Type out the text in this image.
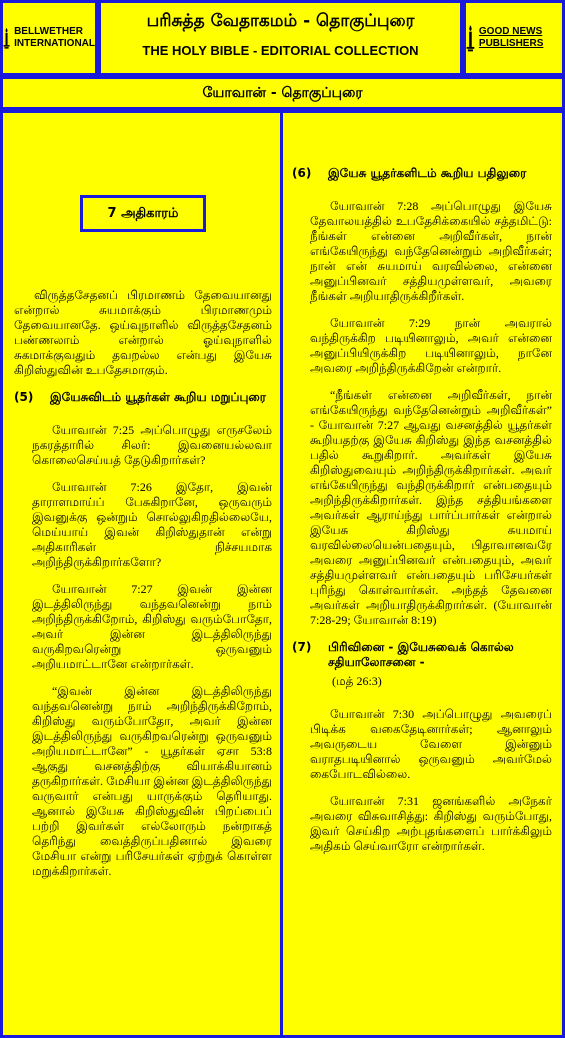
BELLWETHER INTERNATIONAL
பரிசுத்த வேதாகமம் - தொகுப்புரை
THE HOLY BIBLE - EDITORIAL COLLECTION
GOOD NEWS PUBLISHERS
யோவான் - தொகுப்புரை
7 அதிகாரம்

விருத்தசேதனப் பிரமாணம் தேவையானது என்றால் சுயமாக்கும் பிரமாணமும் தேவையானதே. ஒய்வுநாளில் விருத்தசேதனம் பண்ணலாம் என்றால் ஓய்வுநாளில் சுகமாக்குவதும் தவறல்ல என்பது இயேசு கிறிஸ்துவின் உபதேசமாகும்.

(5)	இயேசுவிடம் யூதர்கள் கூறிய மறுப்புரை

யோவான் 7:25 அப்பொழுது எருசலேம் நகரத்தாரில் சிலர்: இவனையல்லவா கொலைசெய்யத் தேடுகிறார்கள்?

யோவான் 7:26 இதோ, இவன் தாராளமாய்ப் பேசுகிறானே, ஒருவரும் இவனுக்கு ஒன்றும் சொல்லுகிறதில்லையே, மெய்யாய் இவன் கிறிஸ்துதான் என்று அதிகாரிகள் நிச்சயமாக அறிந்திருக்கிறார்களோ?

யோவான் 7:27 இவன் இன்ன இடத்திலிருந்து வந்தவனென்று நாம் அறிந்திருக்கிறோம், கிறிஸ்து வரும்போதோ, அவர் இன்ன இடத்திலிருந்து வருகிறவரென்று ஒருவனும் அறியமாட்டானே என்றார்கள்.

“இவன் இன்ன இடத்திலிருந்து வந்தவனென்று நாம் அறிந்திருக்கிறோம், கிறிஸ்து வரும்போதோ, அவர் இன்ன இடத்திலிருந்து வருகிறவரென்று ஒருவனும் அறியமாட்டானே” - யூதர்கள் ஏசா 53:8 ஆகுது வசனத்திற்கு வியாக்கியானம் தருகிறார்கள். மேசியா இன்ன இடத்திலிருந்து வருவார் என்பது யாருக்கும் தெரியாது. ஆனால் இயேசு கிறிஸ்துவின் பிறப்பைப் பற்றி இவர்கள் எல்லோரும் நன்றாகத் தெரிந்து வைத்திருப்பதினால் இவரை மேசியா என்று பரிசேயர்கள் ஏற்றுக் கொள்ள மறுக்கிறார்கள்.

(6)	இயேசு யூதர்களிடம் கூறிய பதிலுரை

யோவான் 7:28 அப்பொழுது இயேசு தேவாலயத்தில் உபதேசிக்கையில் சத்தமிட்டு: நீங்கள் என்னை அறிவீர்கள், நான் எங்கேயிருந்து வந்தேனென்றும் அறிவீர்கள்; நான் என் சுயமாய் வரவில்லை, என்னை அனுப்பினவர் சத்தியமுள்ளவர், அவரை நீங்கள் அறியாதிருக்கிறீர்கள்.

யோவான் 7:29 நான் அவரால் வந்திருக்கிற படியினாலும், அவர் என்னை அனுப்பியிருக்கிற படியினாலும், நானே அவரை அறிந்திருக்கிறேன் என்றார்.

“நீங்கள் என்னை அறிவீர்கள், நான் எங்கேயிருந்து வந்தேனென்றும் அறிவீர்கள்” - யோவான் 7:27 ஆவது வசனத்தில் யூதர்கள் கூறியதற்கு இயேசு கிறிஸ்து இந்த வசனத்தில் பதில் கூறுகிறார். அவர்கள் இயேசு கிறிஸ்துவையும் அறிந்திருக்கிறார்கள். அவர் எங்கேயிருந்து வந்திருக்கிறார் என்பதையும் அறிந்திருக்கிறார்கள். இந்த சத்தியங்களை அவர்கள் ஆராய்ந்து பார்ப்பார்கள் என்றால் இயேசு கிறிஸ்து சுயமாய் வரவில்லையென்பதையும், பிதாவானவரே அவரை அனுப்பினவர் என்பதையும், அவர் சத்தியமுள்ளவர் என்பதையும் பரிசேயர்கள் புரிந்து கொள்வார்கள். அந்தத் தேவனை அவர்கள் அறியாதிருக்கிறார்கள். (யோவான் 7:28-29; யோவான் 8:19)

(7)	பிரிவினை - இயேசுவைக் கொல்ல சதியாலோசனை -
(மத் 26:3)

யோவான் 7:30 அப்பொழுது அவரைப் பிடிக்க வகைதேடினார்கள்; ஆனாலும் அவருடைய வேளை இன்னும் வராதபடியினால் ஒருவனும் அவர்மேல் கைபோடவில்லை.

யோவான் 7:31 ஜனங்களில் அநேகர் அவரை விசுவாசித்து: கிறிஸ்து வரும்போது, இவர் செய்கிற அற்புதங்களைப் பார்க்கிலும் அதிகம் செய்வாரோ என்றார்கள்.
